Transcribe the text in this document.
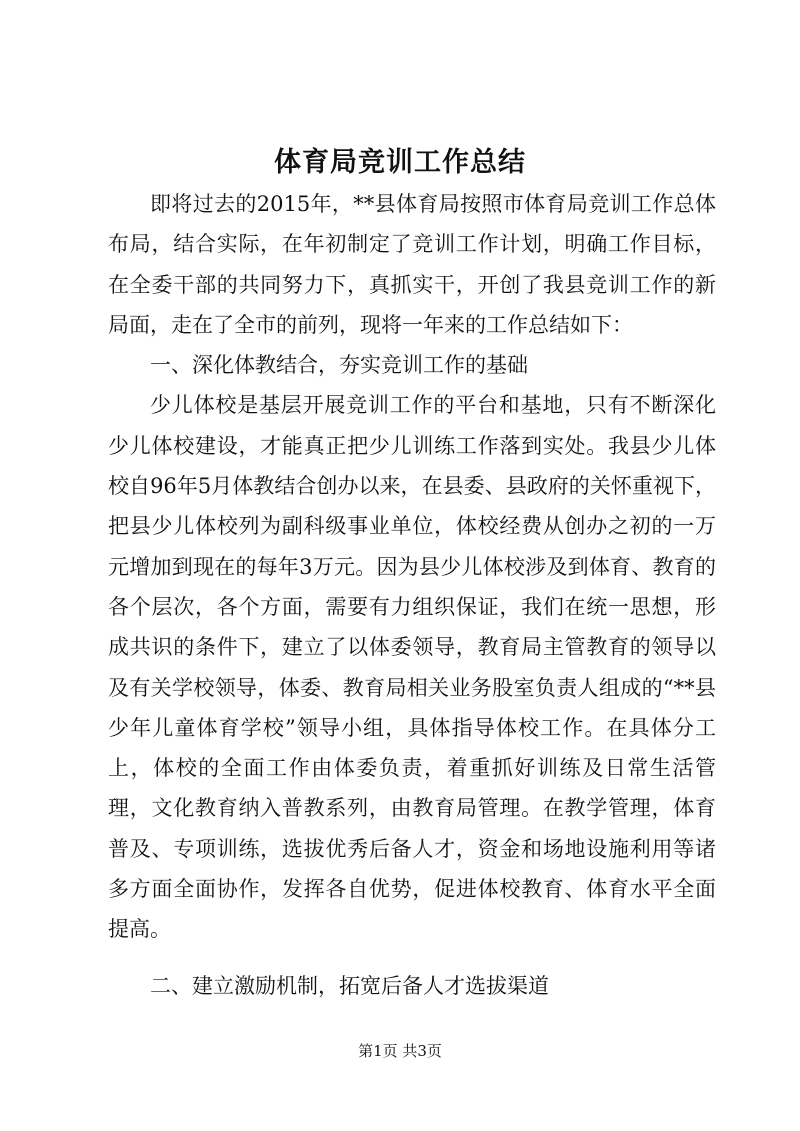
体育局竞训工作总结

即将过去的2015年，**县体育局按照市体育局竞训工作总体布局，结合实际，在年初制定了竞训工作计划，明确工作目标，在全委干部的共同努力下，真抓实干，开创了我县竞训工作的新局面，走在了全市的前列，现将一年来的工作总结如下：

一、深化体教结合，夯实竞训工作的基础

少儿体校是基层开展竞训工作的平台和基地，只有不断深化少儿体校建设，才能真正把少儿训练工作落到实处。我县少儿体校自96年5月体教结合创办以来，在县委、县政府的关怀重视下，把县少儿体校列为副科级事业单位，体校经费从创办之初的一万元增加到现在的每年3万元。因为县少儿体校涉及到体育、教育的各个层次，各个方面，需要有力组织保证，我们在统一思想，形成共识的条件下，建立了以体委领导，教育局主管教育的领导以及有关学校领导，体委、教育局相关业务股室负责人组成的“**县少年儿童体育学校”领导小组，具体指导体校工作。在具体分工上，体校的全面工作由体委负责，着重抓好训练及日常生活管理，文化教育纳入普教系列，由教育局管理。在教学管理，体育普及、专项训练，选拔优秀后备人才，资金和场地设施利用等诸多方面全面协作，发挥各自优势，促进体校教育、体育水平全面提高。

二、建立激励机制，拓宽后备人才选拔渠道

第1页 共3页
